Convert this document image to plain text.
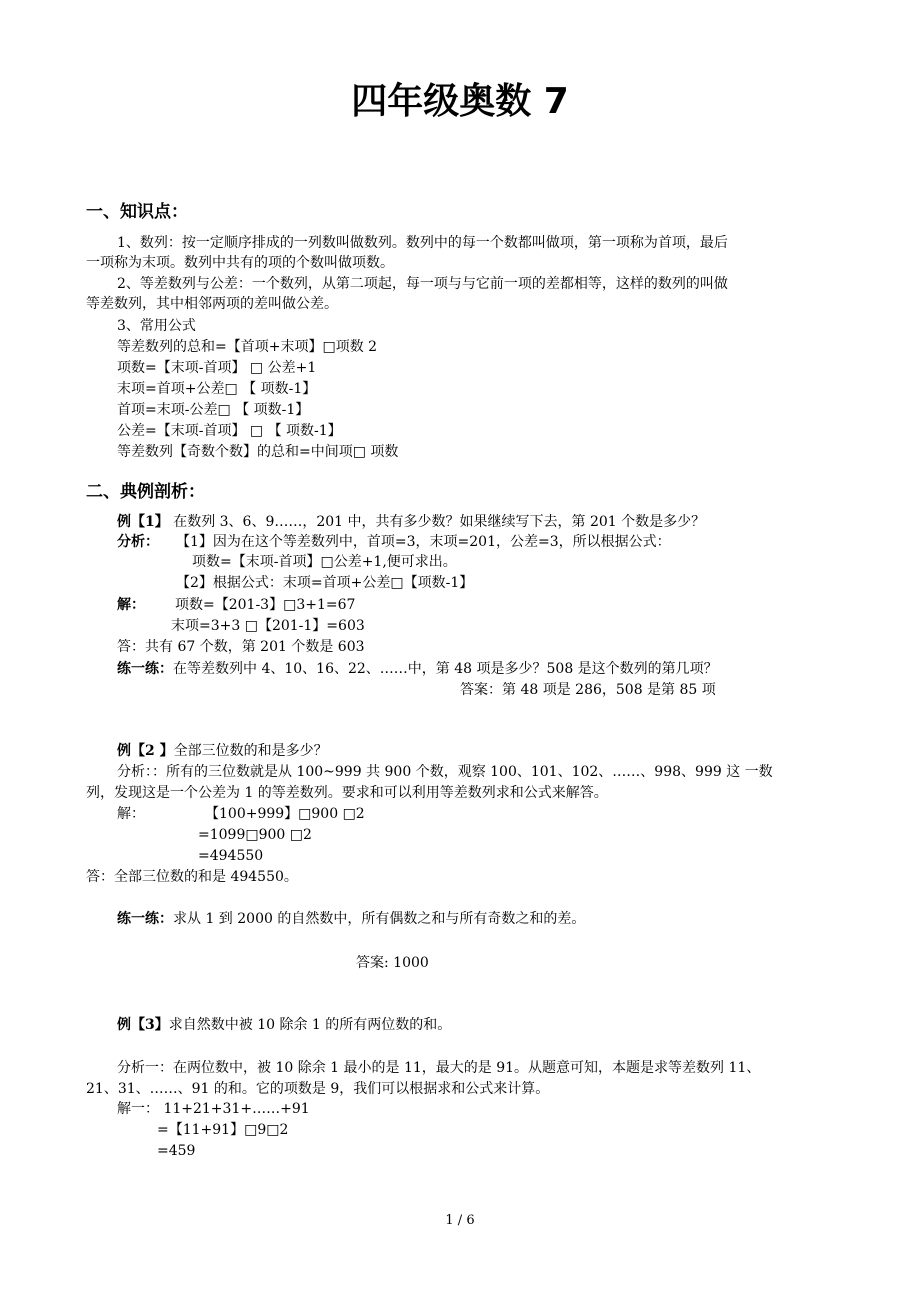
四年级奥数 7
一、知识点：
1、数列：按一定顺序排成的一列数叫做数列。数列中的每一个数都叫做项，第一项称为首项，最后
一项称为末项。数列中共有的项的个数叫做项数。
2、等差数列与公差：一个数列，从第二项起，每一项与与它前一项的差都相等，这样的数列的叫做
等差数列，其中相邻两项的差叫做公差。
3、常用公式
等差数列的总和=【首项+末项】□项数 2
项数=【末项-首项】 □ 公差+1
末项=首项+公差□ 【 项数-1】
首项=末项-公差□ 【 项数-1】
公差=【末项-首项】 □ 【 项数-1】
等差数列【奇数个数】的总和=中间项□ 项数
二、典例剖析：
例【1】 在数列 3、6、9……，201 中，共有多少数？如果继续写下去，第 201 个数是多少？
分析： 【1】因为在这个等差数列中，首项=3，末项=201，公差=3，所以根据公式：
项数=【末项-首项】□公差+1,便可求出。
【2】根据公式：末项=首项+公差□【项数-1】
解： 项数=【201-3】□3+1=67
末项=3+3 □【201-1】=603
答：共有 67 个数，第 201 个数是 603
练一练：在等差数列中 4、10、16、22、……中，第 48 项是多少？508 是这个数列的第几项？
答案：第 48 项是 286，508 是第 85 项
例【2 】全部三位数的和是多少？
分析：：所有的三位数就是从 100~999 共 900 个数，观察 100、101、102、……、998、999 这 一数
列，发现这是一个公差为 1 的等差数列。要求和可以利用等差数列求和公式来解答。
解：	【100+999】□900 □2
=1099□900 □2
=494550
答：全部三位数的和是 494550。
练一练：求从 1 到 2000 的自然数中，所有偶数之和与所有奇数之和的差。
答案: 1000
例【3】求自然数中被 10 除余 1 的所有两位数的和。
分析一：在两位数中，被 10 除余 1 最小的是 11，最大的是 91。从题意可知，本题是求等差数列 11、
21、31、……、91 的和。它的项数是 9，我们可以根据求和公式来计算。
解一： 11+21+31+……+91
=【11+91】□9□2
=459
1 / 6
